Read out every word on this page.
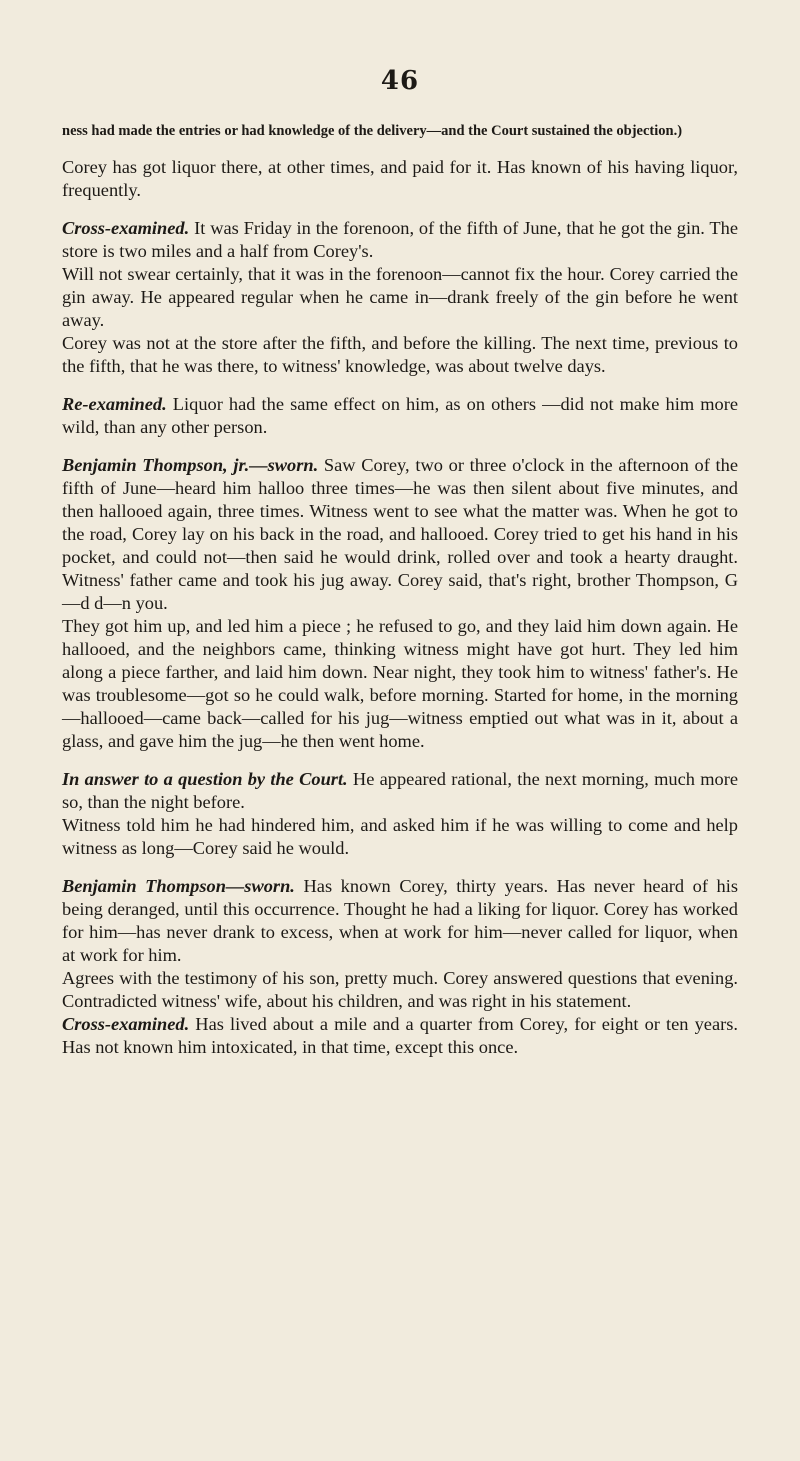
46

ness had made the entries or had knowledge of the delivery—and the Court sustained the objection.)

Corey has got liquor there, at other times, and paid for it. Has known of his having liquor, frequently.

Cross-examined. It was Friday in the forenoon, of the fifth of June, that he got the gin. The store is two miles and a half from Corey's.

Will not swear certainly, that it was in the forenoon—cannot fix the hour. Corey carried the gin away. He appeared regular when he came in—drank freely of the gin before he went away.

Corey was not at the store after the fifth, and before the killing. The next time, previous to the fifth, that he was there, to witness' knowledge, was about twelve days.

Re-examined. Liquor had the same effect on him, as on others —did not make him more wild, than any other person.

Benjamin Thompson, jr.—sworn. Saw Corey, two or three o'clock in the afternoon of the fifth of June—heard him halloo three times—he was then silent about five minutes, and then hallooed again, three times. Witness went to see what the matter was. When he got to the road, Corey lay on his back in the road, and hallooed. Corey tried to get his hand in his pocket, and could not—then said he would drink, rolled over and took a hearty draught. Witness' father came and took his jug away. Corey said, that's right, brother Thompson, G—d d—n you.

They got him up, and led him a piece ; he refused to go, and they laid him down again. He hallooed, and the neighbors came, thinking witness might have got hurt. They led him along a piece farther, and laid him down. Near night, they took him to witness' father's. He was troublesome—got so he could walk, before morning. Started for home, in the morning—hallooed—came back—called for his jug—witness emptied out what was in it, about a glass, and gave him the jug—he then went home.

In answer to a question by the Court. He appeared rational, the next morning, much more so, than the night before.

Witness told him he had hindered him, and asked him if he was willing to come and help witness as long—Corey said he would.

Benjamin Thompson—sworn. Has known Corey, thirty years. Has never heard of his being deranged, until this occurrence. Thought he had a liking for liquor. Corey has worked for him—has never drank to excess, when at work for him—never called for liquor, when at work for him.

Agrees with the testimony of his son, pretty much. Corey answered questions that evening. Contradicted witness' wife, about his children, and was right in his statement.

Cross-examined. Has lived about a mile and a quarter from Corey, for eight or ten years. Has not known him intoxicated, in that time, except this once.
